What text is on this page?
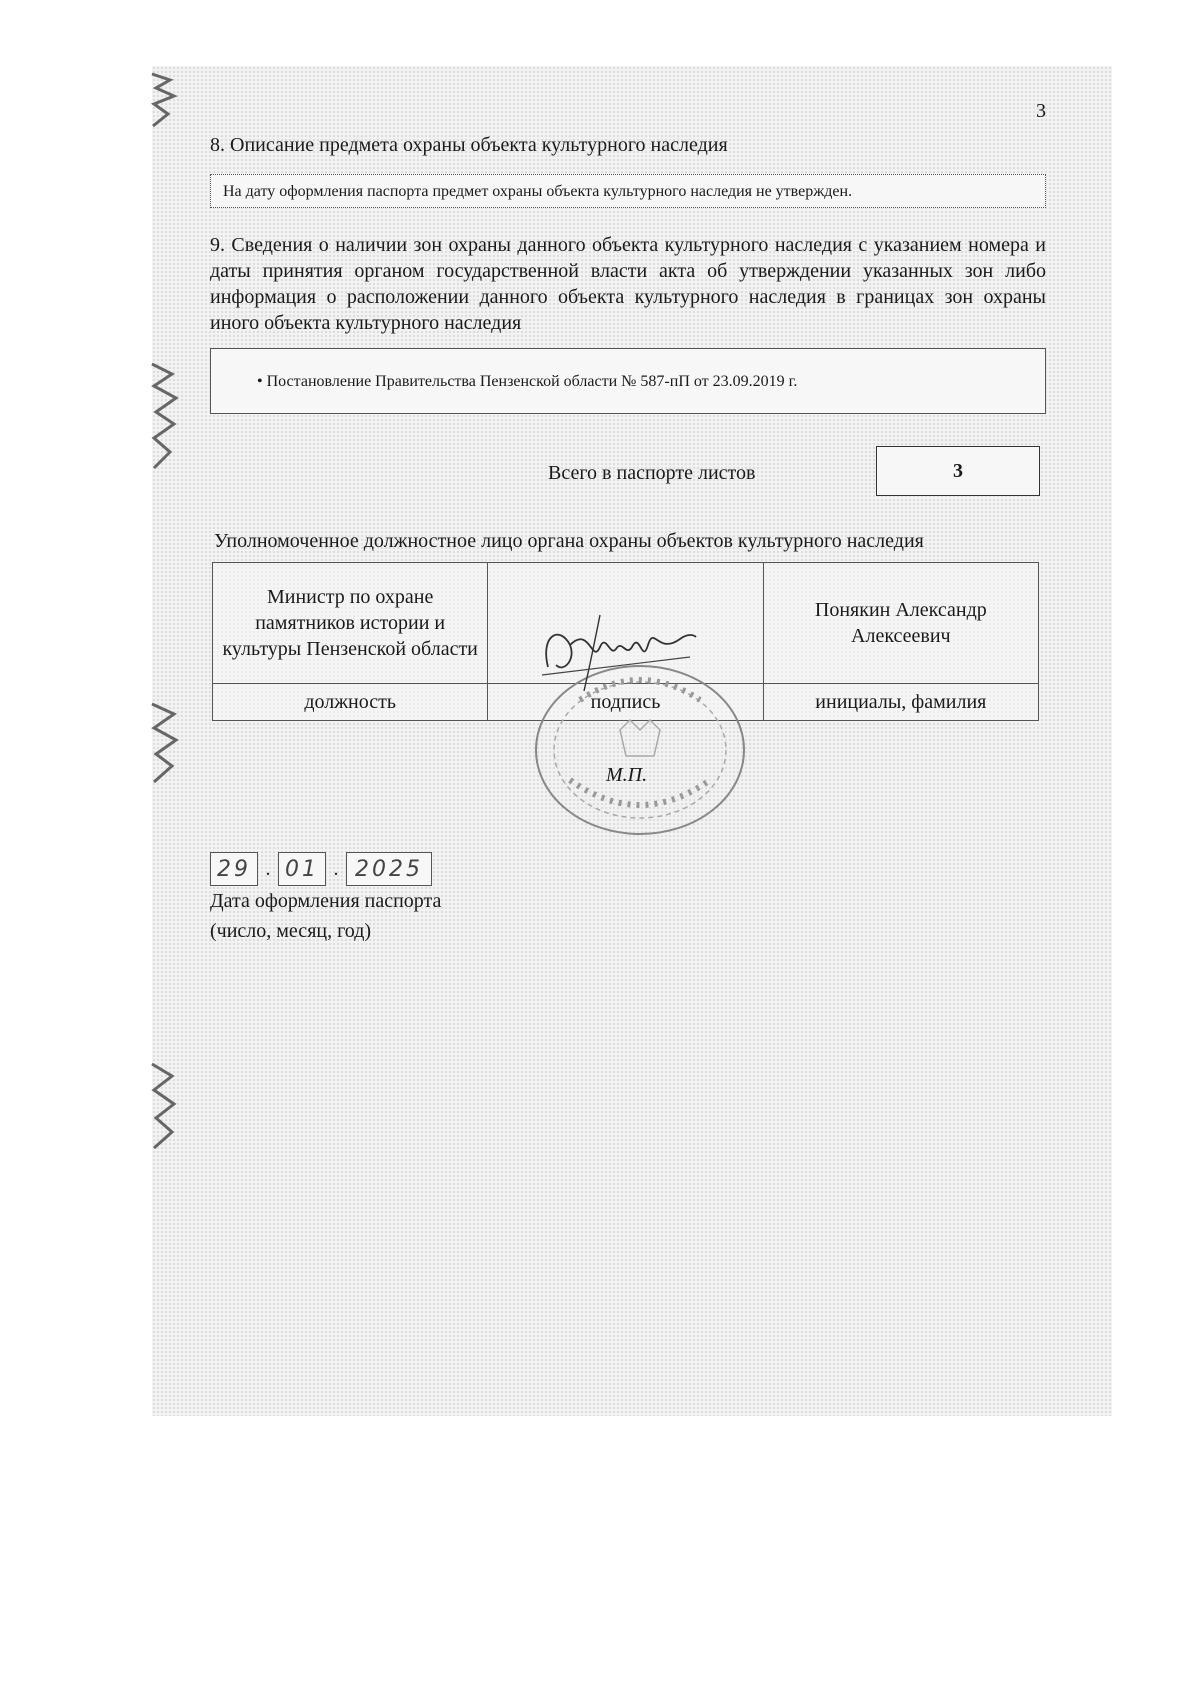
3
8. Описание предмета охраны объекта культурного наследия
На дату оформления паспорта предмет охраны объекта культурного наследия не утвержден.

9. Сведения о наличии зон охраны данного объекта культурного наследия с указанием номера и даты принятия органом государственной власти акта об утверждении указанных зон либо информация о расположении данного объекта культурного наследия в границах зон охраны иного объекта культурного наследия

• Постановление Правительства Пензенской области № 587-пП от 23.09.2019 г.
Всего в паспорте листов	3
Уполномоченное должностное лицо органа охраны объектов культурного наследия
Министр по охране памятников истории и культуры Пензенской области		Понякин Александр Алексеевич
должность	подпись	инициалы, фамилия
М.П.
29 . 01 . 2025
Дата оформления паспорта
(число, месяц, год)
